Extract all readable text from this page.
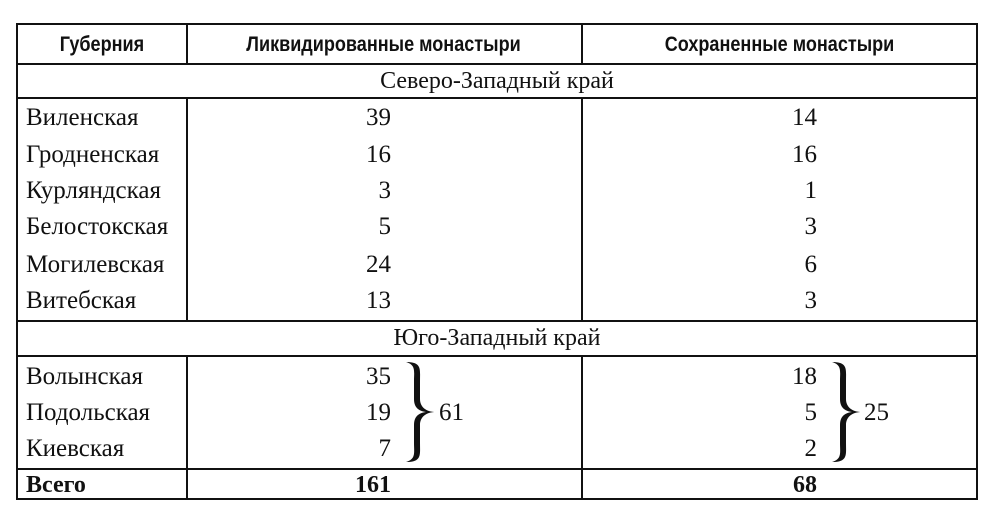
Губерния	Ликвидированные монастыри	Сохраненные монастыри
Северо-Западный край
Виленская	39	14
Гродненская	16	16
Курляндская	3	1
Белостокская	5	3
Могилевская	24	6
Витебская	13	3
Юго-Западный край
Волынская	35	18
Подольская	19	5
Киевская	7	2
61	25
Всего	161	68
